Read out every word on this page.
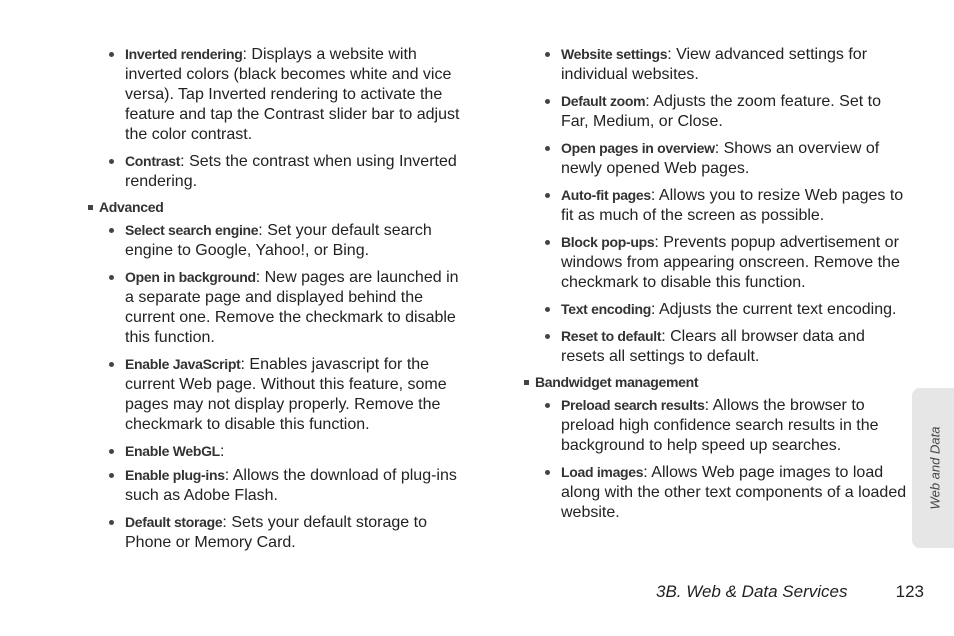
Inverted rendering: Displays a website with inverted colors (black becomes white and vice versa). Tap Inverted rendering to activate the feature and tap the Contrast slider bar to adjust the color contrast.
Contrast: Sets the contrast when using Inverted rendering.
Advanced
Select search engine: Set your default search engine to Google, Yahoo!, or Bing.
Open in background: New pages are launched in a separate page and displayed behind the current one. Remove the checkmark to disable this function.
Enable JavaScript: Enables javascript for the current Web page. Without this feature, some pages may not display properly. Remove the checkmark to disable this function.
Enable WebGL:
Enable plug-ins: Allows the download of plug-ins such as Adobe Flash.
Default storage: Sets your default storage to Phone or Memory Card.
Website settings: View advanced settings for individual websites.
Default zoom: Adjusts the zoom feature. Set to Far, Medium, or Close.
Open pages in overview: Shows an overview of newly opened Web pages.
Auto-fit pages: Allows you to resize Web pages to fit as much of the screen as possible.
Block pop-ups: Prevents popup advertisement or windows from appearing onscreen. Remove the checkmark to disable this function.
Text encoding: Adjusts the current text encoding.
Reset to default: Clears all browser data and resets all settings to default.
Bandwidget management
Preload search results: Allows the browser to preload high confidence search results in the background to help speed up searches.
Load images: Allows Web page images to load along with the other text components of a loaded website.
Web and Data
3B. Web & Data Services	123
